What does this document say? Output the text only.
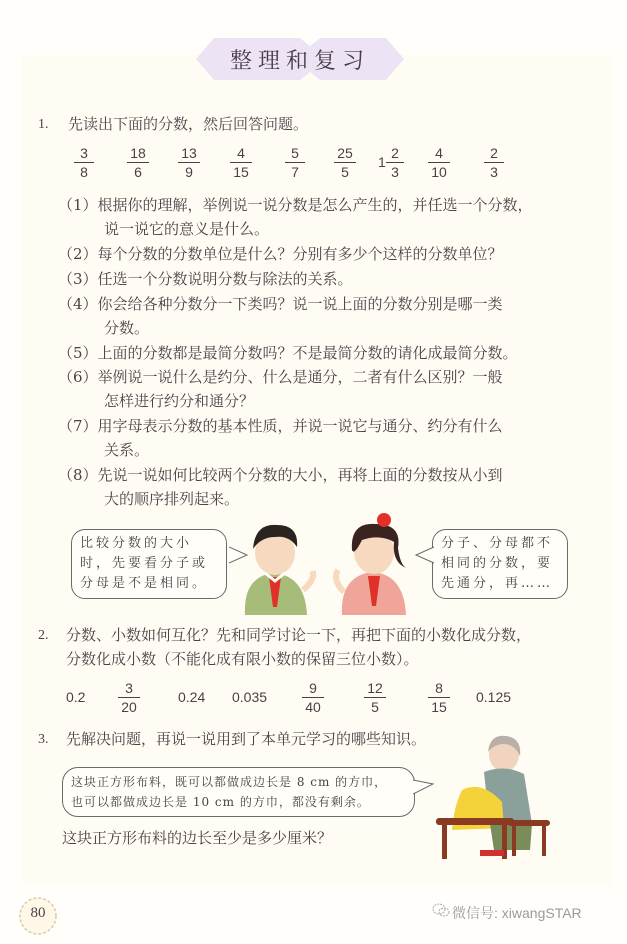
整理和复习
1. 先读出下面的分数，然后回答问题。
3
8
18
6
13
9
4
15
5
7
25
5
1
2
3
4
10
2
3
（1）根据你的理解，举例说一说分数是怎么产生的，并任选一个分数，
说一说它的意义是什么。
（2）每个分数的分数单位是什么？分别有多少个这样的分数单位？
（3）任选一个分数说明分数与除法的关系。
（4）你会给各种分数分一下类吗？说一说上面的分数分别是哪一类
分数。
（5）上面的分数都是最简分数吗？不是最简分数的请化成最简分数。
（6）举例说一说什么是约分、什么是通分，二者有什么区别？一般
怎样进行约分和通分？
（7）用字母表示分数的基本性质，并说一说它与通分、约分有什么
关系。
（8）先说一说如何比较两个分数的大小，再将上面的分数按从小到
大的顺序排列起来。
比较分数的大小
时，先要看分子或
分母是不是相同。
分子、分母都不
相同的分数，要
先通分，再……
2. 分数、小数如何互化？先和同学讨论一下，再把下面的小数化成分数，
分数化成小数（不能化成有限小数的保留三位小数）。
0.2
3
20
0.24 0.035
9
40
12
5
8
15
0.125
3. 先解决问题，再说一说用到了本单元学习的哪些知识。
这块正方形布料，既可以都做成边长是 8 cm 的方巾，
也可以都做成边长是 10 cm 的方巾，都没有剩余。
这块正方形布料的边长至少是多少厘米？
80	微信号: xiwangSTAR
